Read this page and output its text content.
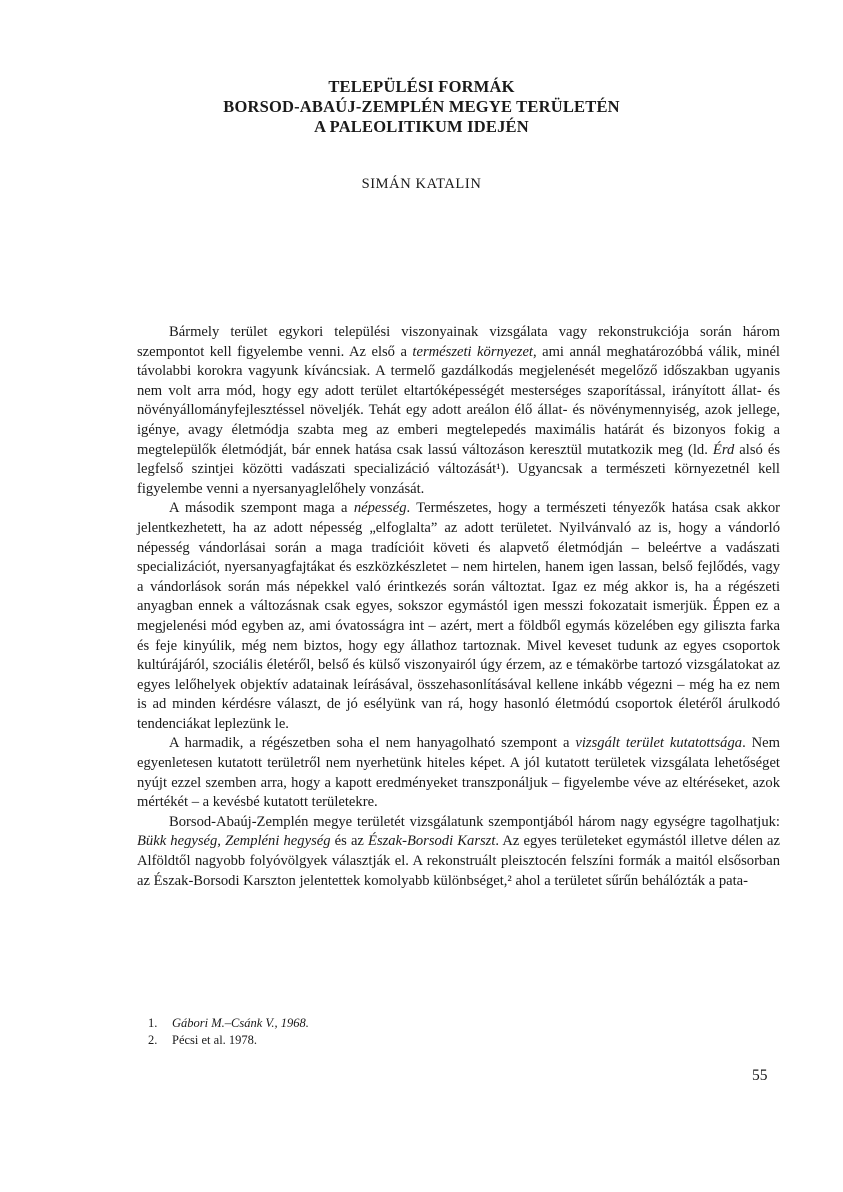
TELEPÜLÉSI FORMÁK
BORSOD-ABAÚJ-ZEMPLÉN MEGYE TERÜLETÉN
A PALEOLITIKUM IDEJÉN
SIMÁN KATALIN

Bármely terület egykori települési viszonyainak vizsgálata vagy rekonstrukciója során három szempontot kell figyelembe venni. Az első a természeti környezet, ami annál meghatározóbbá válik, minél távolabbi korokra vagyunk kíváncsiak. A termelő gazdálkodás megjelenését megelőző időszakban ugyanis nem volt arra mód, hogy egy adott terület eltartóképességét mesterséges szaporítással, irányított állat- és növényállományfejlesztéssel növeljék. Tehát egy adott areálon élő állat- és növénymennyiség, azok jellege, igénye, avagy életmódja szabta meg az emberi megtelepedés maximális határát és bizonyos fokig a megtelepülők életmódját, bár ennek hatása csak lassú változáson keresztül mutatkozik meg (ld. Érd alsó és legfelső szintjei közötti vadászati specializáció változását¹). Ugyancsak a természeti környezetnél kell figyelembe venni a nyersanyaglelőhely vonzását.

A második szempont maga a népesség. Természetes, hogy a természeti tényezők hatása csak akkor jelentkezhetett, ha az adott népesség „elfoglalta” az adott területet. Nyilvánvaló az is, hogy a vándorló népesség vándorlásai során a maga tradícióit követi és alapvető életmódján – beleértve a vadászati specializációt, nyersanyagfajtákat és eszközkészletet – nem hirtelen, hanem igen lassan, belső fejlődés, vagy a vándorlások során más népekkel való érintkezés során változtat. Igaz ez még akkor is, ha a régészeti anyagban ennek a változásnak csak egyes, sokszor egymástól igen messzi fokozatait ismerjük. Éppen ez a megjelenési mód egyben az, ami óvatosságra int – azért, mert a földből egymás közelében egy giliszta farka és feje kinyúlik, még nem biztos, hogy egy állathoz tartoznak. Mivel keveset tudunk az egyes csoportok kultúrájáról, szociális életéről, belső és külső viszonyairól úgy érzem, az e témakörbe tartozó vizsgálatokat az egyes lelőhelyek objektív adatainak leírásával, összehasonlításával kellene inkább végezni – még ha ez nem is ad minden kérdésre választ, de jó esélyünk van rá, hogy hasonló életmódú csoportok életéről árulkodó tendenciákat leplezünk le.

A harmadik, a régészetben soha el nem hanyagolható szempont a vizsgált terület kutatottsága. Nem egyenletesen kutatott területről nem nyerhetünk hiteles képet. A jól kutatott területek vizsgálata lehetőséget nyújt ezzel szemben arra, hogy a kapott eredményeket transzponáljuk – figyelembe véve az eltéréseket, azok mértékét – a kevésbé kutatott területekre.

Borsod-Abaúj-Zemplén megye területét vizsgálatunk szempontjából három nagy egységre tagolhatjuk: Bükk hegység, Zempléni hegység és az Észak-Borsodi Karszt. Az egyes területeket egymástól illetve délen az Alföldtől nagyobb folyóvölgyek választják el. A rekonstruált pleisztocén felszíni formák a maitól elsősorban az Észak-Borsodi Karszton jelentettek komolyabb különbséget,² ahol a területet sűrűn behálózták a pata-

1. Gábori M.–Csánk V., 1968.
2. Pécsi et al. 1978.
55
